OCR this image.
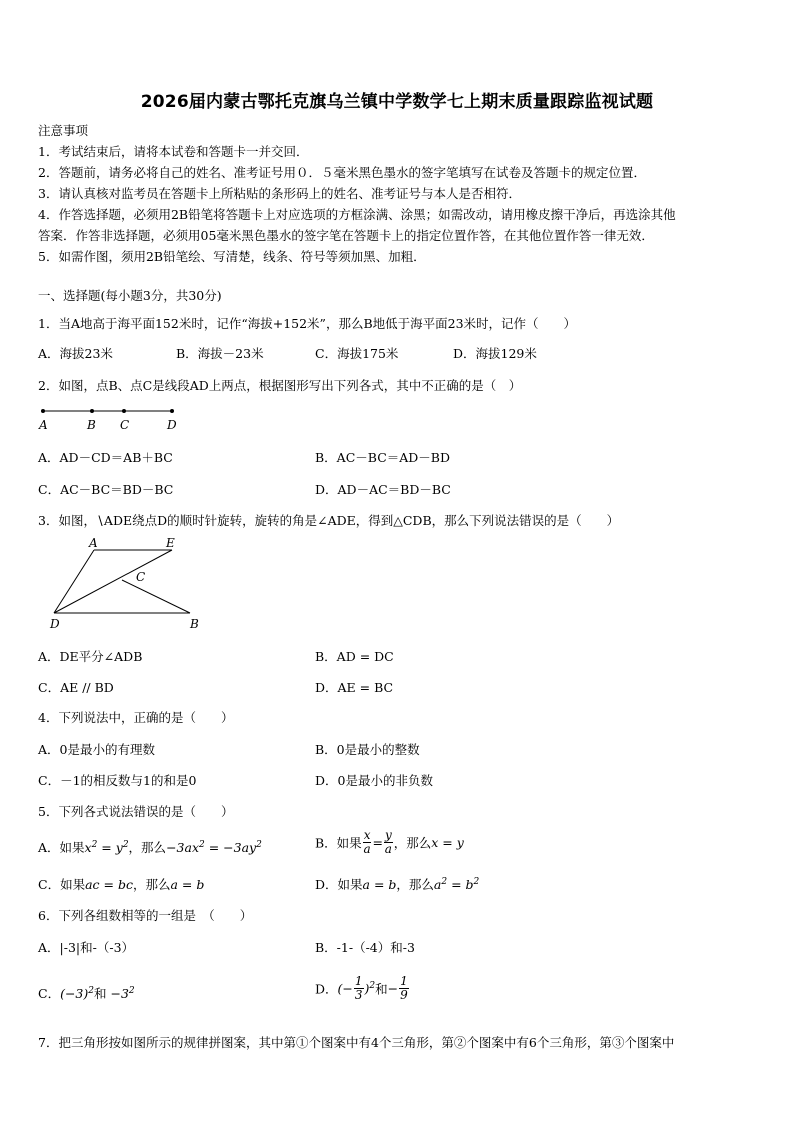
2026届内蒙古鄂托克旗乌兰镇中学数学七上期末质量跟踪监视试题
注意事项
1．考试结束后，请将本试卷和答题卡一并交回．
2．答题前，请务必将自己的姓名、准考证号用０．５毫米黑色墨水的签字笔填写在试卷及答题卡的规定位置．
3．请认真核对监考员在答题卡上所粘贴的条形码上的姓名、准考证号与本人是否相符．
4．作答选择题，必须用2B铅笔将答题卡上对应选项的方框涂满、涂黑；如需改动，请用橡皮擦干净后，再选涂其他
答案．作答非选择题，必须用05毫米黑色墨水的签字笔在答题卡上的指定位置作答，在其他位置作答一律无效．
5．如需作图，须用2B铅笔绘、写清楚，线条、符号等须加黑、加粗．
一、选择题(每小题3分，共30分)
1．当A地高于海平面152米时，记作“海拔+152米”，那么B地低于海平面23米时，记作（　　）
A．海拔23米	B．海拔－23米	C．海拔175米	D．海拔129米
2．如图，点B、点C是线段AD上两点，根据图形写出下列各式，其中不正确的是（　）
A	B C	D
A．AD－CD＝AB＋BC	B．AC－BC＝AD－BD
C．AC－BC＝BD－BC	D．AD－AC＝BD－BC
3．如图，∖ADE绕点D的顺时针旋转，旋转的角是∠ADE，得到△CDB，那么下列说法错误的是（　　）
A	E
C
D	B
A．DE平分∠ADB	B．AD = DC
C．AE // BD	D．AE = BC
4．下列说法中，正确的是（　　）
A．0是最小的有理数	B．0是最小的整数
C．－1的相反数与1的和是0	D．0是最小的非负数
5．下列各式说法错误的是（　　）
A．如果$x^2 = y^2$，那么$-3ax^2 = -3ay^2$	B．如果 $\frac{x}{a} = \frac{y}{a}$ ，那么x = y
C．如果ac = bc，那么a = b	D．如果a = b，那么$a^2 = b^2$
6．下列各组数相等的一组是　（　　）
A．|-3|和-（-3）	B．-1-（-4）和-3
C．$(-3)^2$和 $-3^2$	D．(− $\frac{1}{3} )^2$和− $\frac{1}{9}$
7．把三角形按如图所示的规律拼图案，其中第①个图案中有4个三角形，第②个图案中有6个三角形，第③个图案中
